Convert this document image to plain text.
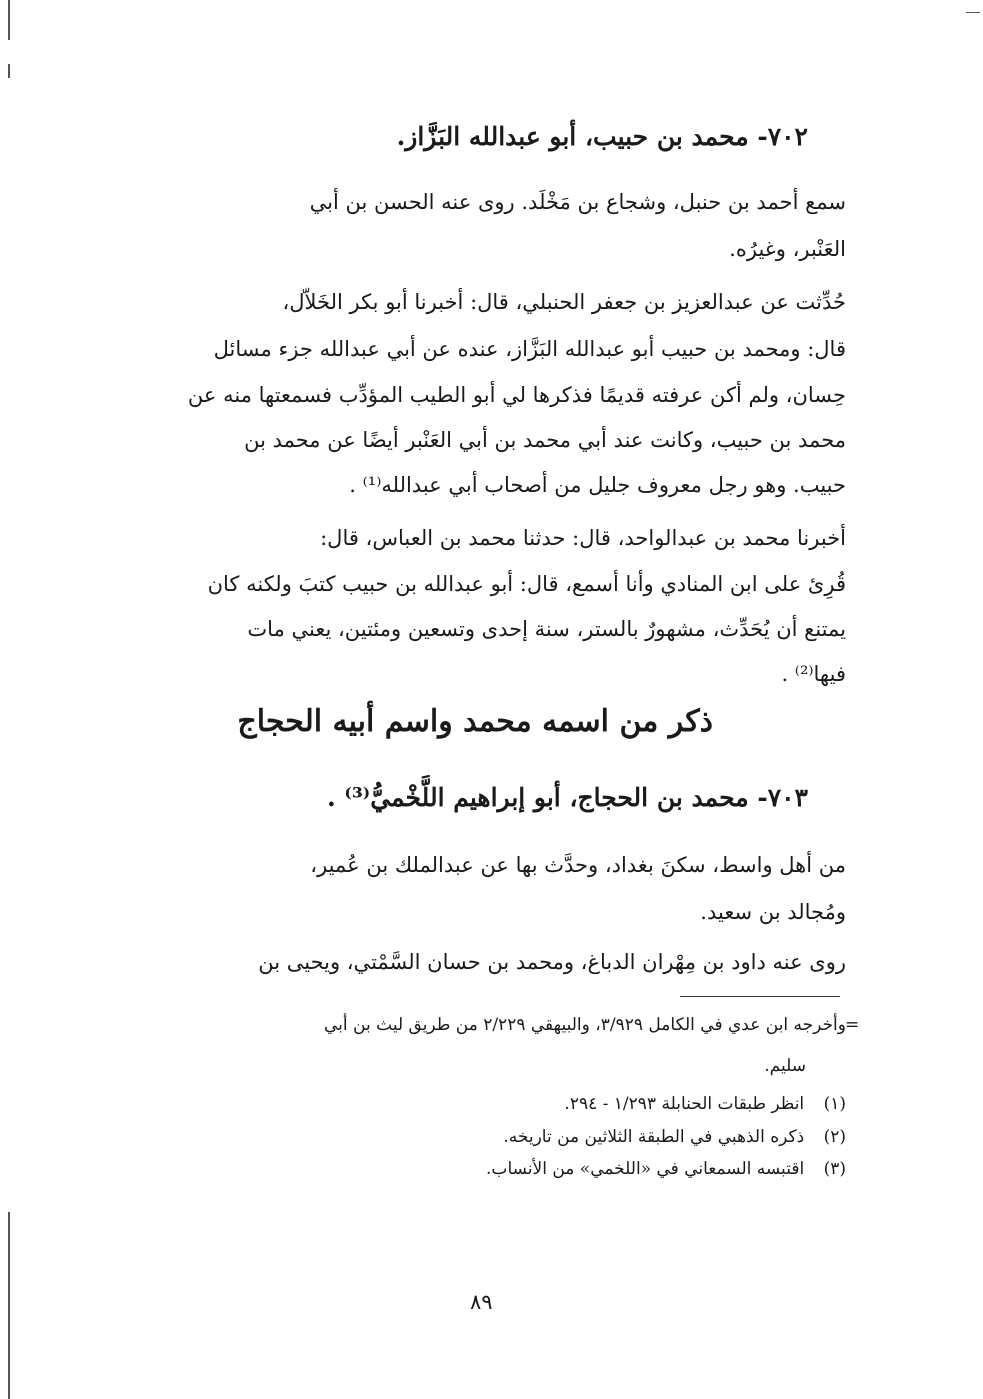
٧٠٢- محمد بن حبيب، أبو عبدالله البَزَّاز.

سمع أحمد بن حنبل، وشجاع بن مَخْلَد. روى عنه الحسن بن أبي

العَنْبر، وغيرُه.

حُدِّثت عن عبدالعزيز بن جعفر الحنبلي، قال: أخبرنا أبو بكر الخَلاّل،

قال: ومحمد بن حبيب أبو عبدالله البَزَّاز، عنده عن أبي عبدالله جزء مسائل

حِسان، ولم أكن عرفته قديمًا فذكرها لي أبو الطيب المؤدِّب فسمعتها منه عن

محمد بن حبيب، وكانت عند أبي محمد بن أبي العَنْبر أيضًا عن محمد بن

حبيب. وهو رجل معروف جليل من أصحاب أبي عبدالله⁽¹⁾ .

أخبرنا محمد بن عبدالواحد، قال: حدثنا محمد بن العباس، قال:

قُرِئ على ابن المنادي وأنا أسمع، قال: أبو عبدالله بن حبيب كتبَ ولكنه كان

يمتنع أن يُحَدِّث، مشهورٌ بالستر، سنة إحدى وتسعين ومئتين، يعني مات

فيها⁽²⁾ .

ذكر من اسمه محمد واسم أبيه الحجاج

٧٠٣- محمد بن الحجاج، أبو إبراهيم اللَّخْميُّ⁽³⁾ .

من أهل واسط، سكنَ بغداد، وحدَّث بها عن عبدالملك بن عُمير،

ومُجالد بن سعيد.

روى عنه داود بن مِهْران الدباغ، ومحمد بن حسان السَّمْتي، ويحيى بن

=

وأخرجه ابن عدي في الكامل ٣/٩٢٩، والبيهقي ٢/٢٢٩ من طريق ليث بن أبي

سليم.

(١) انظر طبقات الحنابلة ١/٢٩٣ - ٢٩٤.
(٢) ذكره الذهبي في الطبقة الثلاثين من تاريخه.
(٣) اقتبسه السمعاني في «اللخمي» من الأنساب.
٨٩
